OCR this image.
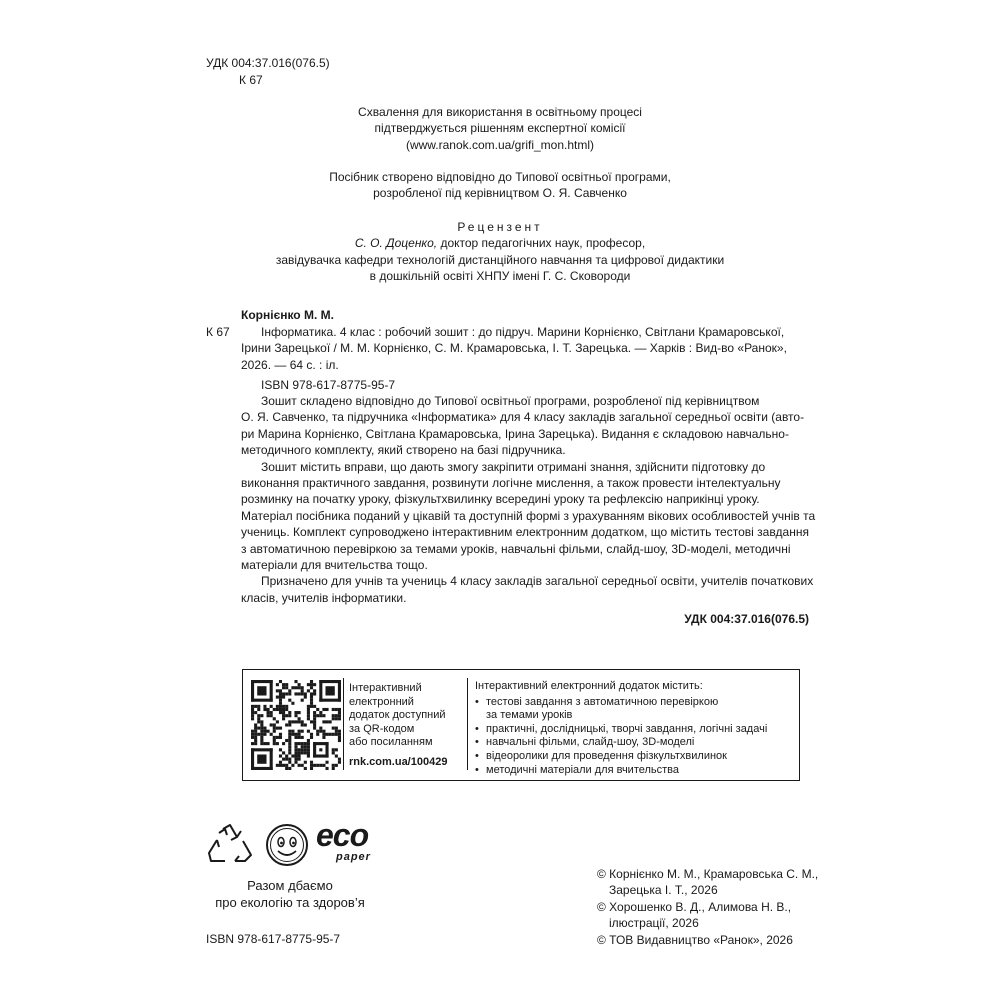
УДК 004:37.016(076.5)
К 67
Схвалення для використання в освітньому процесі
підтверджується рішенням експертної комісії
(www.ranok.com.ua/grifi_mon.html)
Посібник створено відповідно до Типової освітньої програми,
розробленої під керівництвом О. Я. Савченко
Рецензент
С. О. Доценко, доктор педагогічних наук, професор,
завідувачка кафедри технологій дистанційного навчання та цифрової дидактики
в дошкільній освіті ХНПУ імені Г. С. Сковороди
Корнієнко М. М.
К 67	Інформатика. 4 клас : робочий зошит : до підруч. Марини Корнієнко, Світлани Крамаровської,
Ірини Зарецької / М. М. Корнієнко, С. М. Крамаровська, І. Т. Зарецька. — Харків : Вид-во «Ранок»,
2026. — 64 с. : іл.
ISBN 978-617-8775-95-7
Зошит складено відповідно до Типової освітньої програми, розробленої під керівництвом
О. Я. Савченко, та підручника «Інформатика» для 4 класу закладів загальної середньої освіти (авто-
ри Марина Корнієнко, Світлана Крамаровська, Ірина Зарецька). Видання є складовою навчально-
методичного комплекту, який створено на базі підручника.
Зошит містить вправи, що дають змогу закріпити отримані знання, здійснити підготовку до
виконання практичного завдання, розвинути логічне мислення, а також провести інтелектуальну
розминку на початку уроку, фізкультхвилинку всередині уроку та рефлексію наприкінці уроку.
Матеріал посібника поданий у цікавій та доступній формі з урахуванням вікових особливостей учнів та
учениць. Комплект супроводжено інтерактивним електронним додатком, що містить тестові завдання
з автоматичною перевіркою за темами уроків, навчальні фільми, слайд-шоу, 3D-моделі, методичні
матеріали для вчительства тощо.
Призначено для учнів та учениць 4 класу закладів загальної середньої освіти, учителів початкових
класів, учителів інформатики.
УДК 004:37.016(076.5)
Інтерактивний
електронний
додаток доступний
за QR-кодом
або посиланням
rnk.com.ua/100429
Інтерактивний електронний додаток містить:
• тестові завдання з автоматичною перевіркою
за темами уроків
• практичні, дослідницькі, творчі завдання, логічні задачі
• навчальні фільми, слайд-шоу, 3D-моделі
• відеоролики для проведення фізкультхвилинок
• методичні матеріали для вчительства
eco
paper
Разом дбаємо
про екологію та здоров’я
ISBN 978-617-8775-95-7
© Корнієнко М. М., Крамаровська С. М.,
Зарецька І. Т., 2026
© Хорошенко В. Д., Алимова Н. В.,
ілюстрації, 2026
© ТОВ Видавництво «Ранок», 2026
